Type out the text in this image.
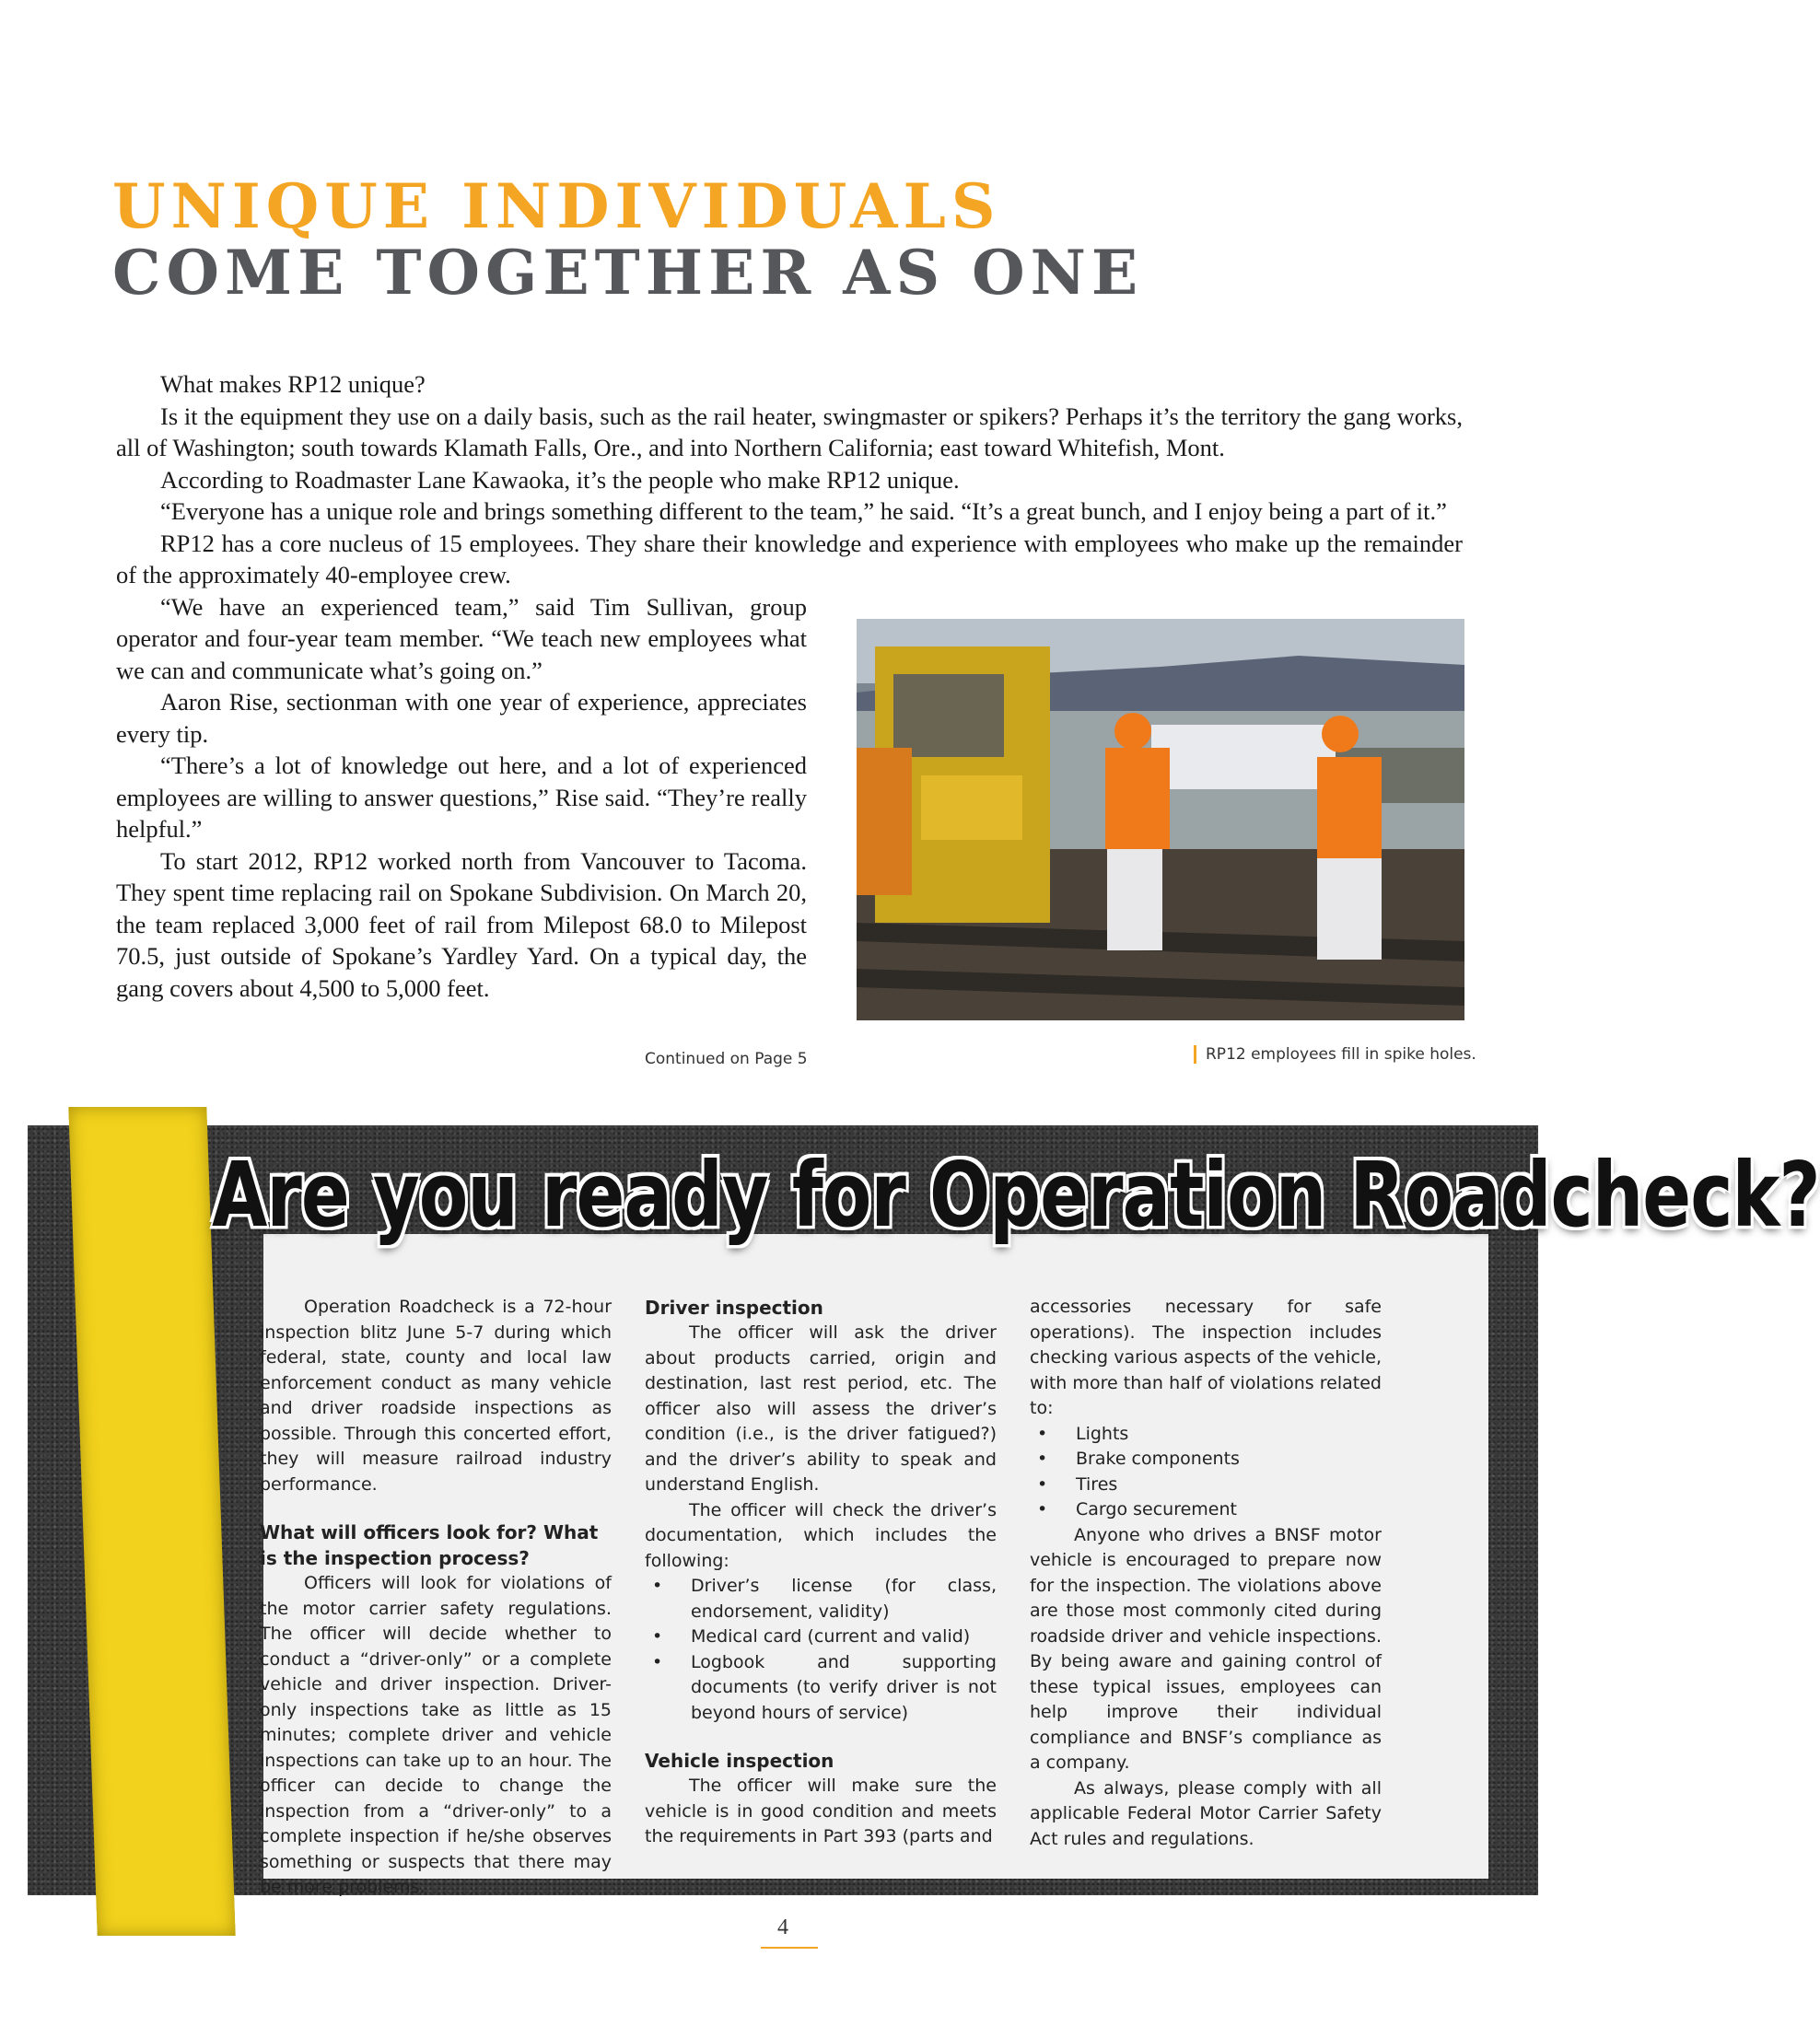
UNIQUE INDIVIDUALS
COME TOGETHER AS ONE

What makes RP12 unique?

Is it the equipment they use on a daily basis, such as the rail heater, swingmaster or spikers? Perhaps it’s the territory the gang works, all of Washington; south towards Klamath Falls, Ore., and into Northern California; east toward Whitefish, Mont.

According to Roadmaster Lane Kawaoka, it’s the people who make RP12 unique.

“Everyone has a unique role and brings something different to the team,” he said. “It’s a great bunch, and I enjoy being a part of it.”

RP12 has a core nucleus of 15 employees. They share their knowledge and experience with employees who make up the remainder of the approximately 40-employee crew.

“We have an experienced team,” said Tim Sullivan, group operator and four-year team member. “We teach new employees what we can and communicate what’s going on.”

Aaron Rise, sectionman with one year of experience, appreciates every tip.

“There’s a lot of knowledge out here, and a lot of experienced employees are willing to answer questions,” Rise said. “They’re really helpful.”

To start 2012, RP12 worked north from Vancouver to Tacoma. They spent time replacing rail on Spokane Subdivision. On March 20, the team replaced 3,000 feet of rail from Milepost 68.0 to Milepost 70.5, just outside of Spokane’s Yardley Yard. On a typical day, the gang covers about 4,500 to 5,000 feet.

Continued on Page 5	RP12 employees fill in spike holes.
Are you ready for Operation Roadcheck?

Operation Roadcheck is a 72-hour inspection blitz June 5-7 during which federal, state, county and local law enforcement conduct as many vehicle and driver roadside inspections as possible. Through this concerted effort, they will measure railroad industry performance.

What will officers look for? What is the inspection process?

Officers will look for violations of the motor carrier safety regulations. The officer will decide whether to conduct a “driver-only” or a complete vehicle and driver inspection. Driver-only inspections take as little as 15 minutes; complete driver and vehicle inspections can take up to an hour. The officer can decide to change the inspection from a “driver-only” to a complete inspection if he/she observes something or suspects that there may be more problems.

Driver inspection

The officer will ask the driver about products carried, origin and destination, last rest period, etc. The officer also will assess the driver’s condition (i.e., is the driver fatigued?) and the driver’s ability to speak and understand English.

The officer will check the driver’s documentation, which includes the following:

• Driver’s license (for class, endorsement, validity)
• Medical card (current and valid)
• Logbook and supporting documents (to verify driver is not beyond hours of service)
Vehicle inspection

The officer will make sure the vehicle is in good condition and meets the requirements in Part 393 (parts and

accessories necessary for safe operations). The inspection includes checking various aspects of the vehicle, with more than half of violations related to:

• Lights
• Brake components
• Tires
• Cargo securement

Anyone who drives a BNSF motor vehicle is encouraged to prepare now for the inspection. The violations above are those most commonly cited during roadside driver and vehicle inspections. By being aware and gaining control of these typical issues, employees can help improve their individual compliance and BNSF’s compliance as a company.

As always, please comply with all applicable Federal Motor Carrier Safety Act rules and regulations.

4
